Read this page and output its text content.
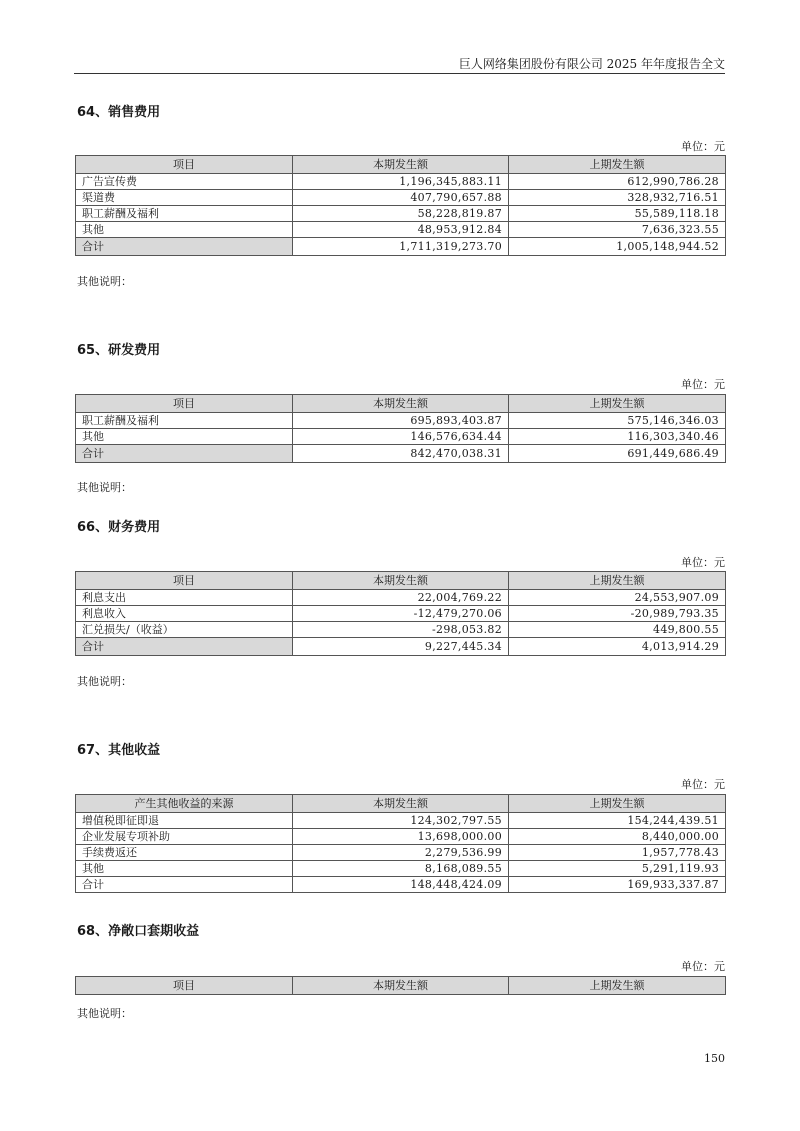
巨人网络集团股份有限公司 2025 年年度报告全文
64、销售费用
单位：元
项目	本期发生额	上期发生额
广告宣传费	1,196,345,883.11	612,990,786.28
渠道费	407,790,657.88	328,932,716.51
职工薪酬及福利	58,228,819.87	55,589,118.18
其他	48,953,912.84	7,636,323.55
合计	1,711,319,273.70	1,005,148,944.52
其他说明：
65、研发费用
单位：元
项目	本期发生额	上期发生额
职工薪酬及福利	695,893,403.87	575,146,346.03
其他	146,576,634.44	116,303,340.46
合计	842,470,038.31	691,449,686.49
其他说明：
66、财务费用
单位：元
项目	本期发生额	上期发生额
利息支出	22,004,769.22	24,553,907.09
利息收入	-12,479,270.06	-20,989,793.35
汇兑损失/（收益）	-298,053.82	449,800.55
合计	9,227,445.34	4,013,914.29
其他说明：
67、其他收益
单位：元
产生其他收益的来源	本期发生额	上期发生额
增值税即征即退	124,302,797.55	154,244,439.51
企业发展专项补助	13,698,000.00	8,440,000.00
手续费返还	2,279,536.99	1,957,778.43
其他	8,168,089.55	5,291,119.93
合计	148,448,424.09	169,933,337.87
68、净敞口套期收益
单位：元
项目	本期发生额	上期发生额
其他说明：
150
